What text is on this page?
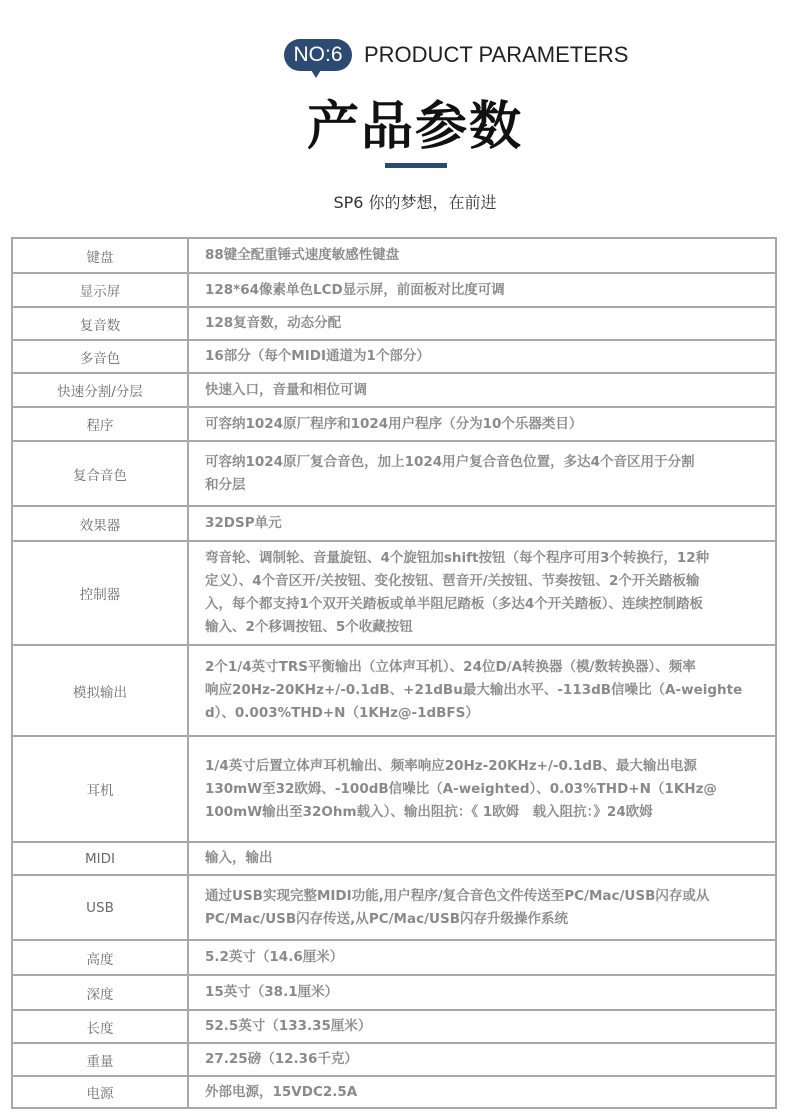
NO:6 PRODUCT PARAMETERS
产品参数
SP6 你的梦想，在前进
键盘	88键全配重锤式速度敏感性键盘
显示屏	128*64像素单色LCD显示屏，前面板对比度可调
复音数	128复音数，动态分配
多音色	16部分（每个MIDI通道为1个部分）
快速分割/分层	快速入口，音量和相位可调
程序	可容纳1024原厂程序和1024用户程序（分为10个乐器类目）
复合音色	可容纳1024原厂复合音色，加上1024用户复合音色位置，多达4个音区用于分割
和分层
效果器	32DSP单元
控制器	弯音轮、调制轮、音量旋钮、4个旋钮加shift按钮（每个程序可用3个转换行，12种
定义）、4个音区开/关按钮、变化按钮、琶音开/关按钮、节奏按钮、2个开关踏板输
入，每个都支持1个双开关踏板或单半阻尼踏板（多达4个开关踏板）、连续控制踏板
输入、2个移调按钮、5个收藏按钮
模拟输出	2个1/4英寸TRS平衡输出（立体声耳机）、24位D/A转换器（模/数转换器）、频率
响应20Hz-20KHz+/-0.1dB、+21dBu最大输出水平、-113dB信噪比（A-weighte
d）、0.003%THD+N（1KHz@-1dBFS）
耳机	1/4英寸后置立体声耳机输出、频率响应20Hz-20KHz+/-0.1dB、最大输出电源
130mW至32欧姆、-100dB信噪比（A-weighted）、0.03%THD+N（1KHz@
100mW输出至32Ohm载入）、输出阻抗：《 1欧姆　载入阻抗：》24欧姆
MIDI	输入，输出
USB	通过USB实现完整MIDI功能,用户程序/复合音色文件传送至PC/Mac/USB闪存或从
PC/Mac/USB闪存传送,从PC/Mac/USB闪存升级操作系统
高度	5.2英寸（14.6厘米）
深度	15英寸（38.1厘米）
长度	52.5英寸（133.35厘米）
重量	27.25磅（12.36千克）
电源	外部电源，15VDC2.5A
